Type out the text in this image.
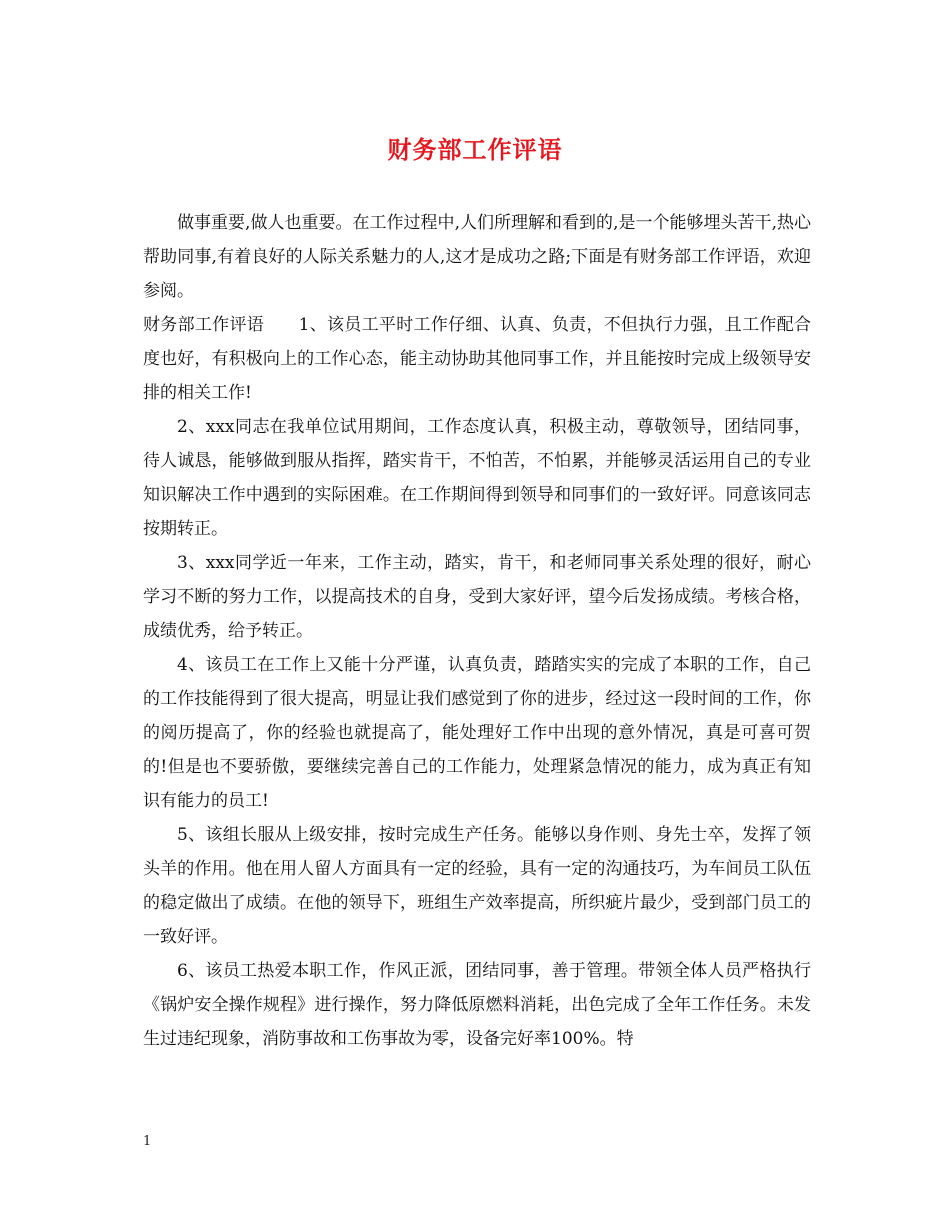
财务部工作评语

做事重要,做人也重要。在工作过程中,人们所理解和看到的,是一个能够埋头苦干,热心帮助同事,有着良好的人际关系魅力的人,这才是成功之路;下面是有财务部工作评语，欢迎参阅。

财务部工作评语　　1、该员工平时工作仔细、认真、负责，不但执行力强，且工作配合度也好，有积极向上的工作心态，能主动协助其他同事工作，并且能按时完成上级领导安排的相关工作!

2、xxx同志在我单位试用期间，工作态度认真，积极主动，尊敬领导，团结同事，待人诚恳，能够做到服从指挥，踏实肯干，不怕苦，不怕累，并能够灵活运用自己的专业知识解决工作中遇到的实际困难。在工作期间得到领导和同事们的一致好评。同意该同志按期转正。

3、xxx同学近一年来，工作主动，踏实，肯干，和老师同事关系处理的很好，耐心学习不断的努力工作，以提高技术的自身，受到大家好评，望今后发扬成绩。考核合格，成绩优秀，给予转正。

4、该员工在工作上又能十分严谨，认真负责，踏踏实实的完成了本职的工作，自己的工作技能得到了很大提高，明显让我们感觉到了你的进步，经过这一段时间的工作，你的阅历提高了，你的经验也就提高了，能处理好工作中出现的意外情况，真是可喜可贺的!但是也不要骄傲，要继续完善自己的工作能力，处理紧急情况的能力，成为真正有知识有能力的员工!

5、该组长服从上级安排，按时完成生产任务。能够以身作则、身先士卒，发挥了领头羊的作用。他在用人留人方面具有一定的经验，具有一定的沟通技巧，为车间员工队伍的稳定做出了成绩。在他的领导下，班组生产效率提高，所织疵片最少，受到部门员工的一致好评。

6、该员工热爱本职工作，作风正派，团结同事，善于管理。带领全体人员严格执行《锅炉安全操作规程》进行操作，努力降低原燃料消耗，出色完成了全年工作任务。未发生过违纪现象，消防事故和工伤事故为零，设备完好率100%。特

1
